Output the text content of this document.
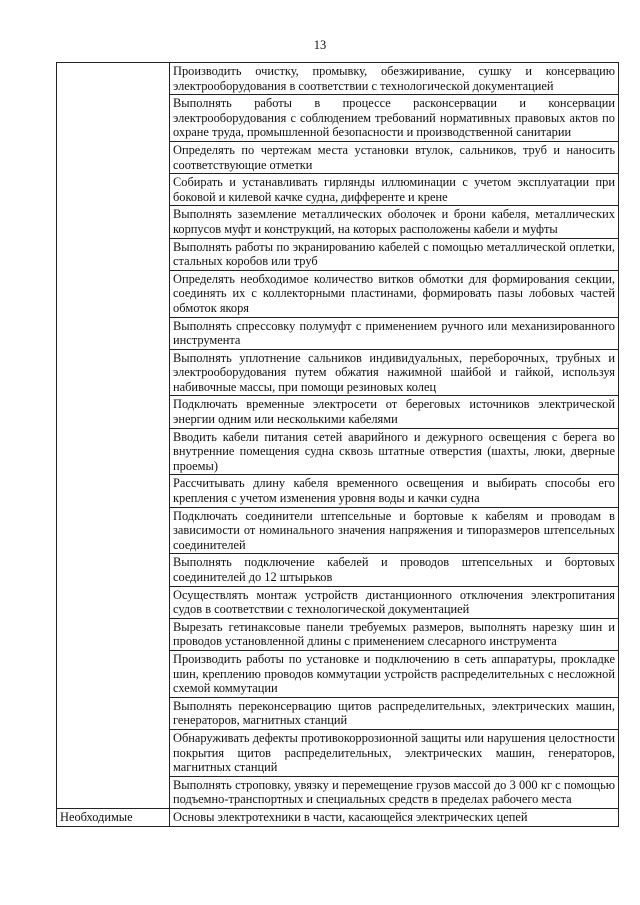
13

	Производить очистку, промывку, обезжиривание, сушку и консервацию электрооборудования в соответствии с технологической документацией

	Выполнять работы в процессе расконсервации и консервации электрооборудования с соблюдением требований нормативных правовых актов по охране труда, промышленной безопасности и производственной санитарии

	Определять по чертежам места установки втулок, сальников, труб и наносить соответствующие отметки

	Собирать и устанавливать гирлянды иллюминации с учетом эксплуатации при боковой и килевой качке судна, дифференте и крене

	Выполнять заземление металлических оболочек и брони кабеля, металлических корпусов муфт и конструкций, на которых расположены кабели и муфты

	Выполнять работы по экранированию кабелей с помощью металлической оплетки, стальных коробов или труб

	Определять необходимое количество витков обмотки для формирования секции, соединять их с коллекторными пластинами, формировать пазы лобовых частей обмоток якоря

	Выполнять спрессовку полумуфт с применением ручного или механизированного инструмента

	Выполнять уплотнение сальников индивидуальных, переборочных, трубных и электрооборудования путем обжатия нажимной шайбой и гайкой, используя набивочные массы, при помощи резиновых колец

	Подключать временные электросети от береговых источников электрической энергии одним или несколькими кабелями

	Вводить кабели питания сетей аварийного и дежурного освещения с берега во внутренние помещения судна сквозь штатные отверстия (шахты, люки, дверные проемы)

	Рассчитывать длину кабеля временного освещения и выбирать способы его крепления с учетом изменения уровня воды и качки судна

	Подключать соединители штепсельные и бортовые к кабелям и проводам в зависимости от номинального значения напряжения и типоразмеров штепсельных соединителей

	Выполнять подключение кабелей и проводов штепсельных и бортовых соединителей до 12 штырьков

	Осуществлять монтаж устройств дистанционного отключения электропитания судов в соответствии с технологической документацией

	Вырезать гетинаксовые панели требуемых размеров, выполнять нарезку шин и проводов установленной длины с применением слесарного инструмента

	Производить работы по установке и подключению в сеть аппаратуры, прокладке шин, креплению проводов коммутации устройств распределительных с несложной схемой коммутации

	Выполнять переконсервацию щитов распределительных, электрических машин, генераторов, магнитных станций

	Обнаруживать дефекты противокоррозионной защиты или нарушения целостности покрытия щитов распределительных, электрических машин, генераторов, магнитных станций

	Выполнять строповку, увязку и перемещение грузов массой до 3 000 кг с помощью подъемно-транспортных и специальных средств в пределах рабочего места

Необходимые	Основы электротехники в части, касающейся электрических цепей
